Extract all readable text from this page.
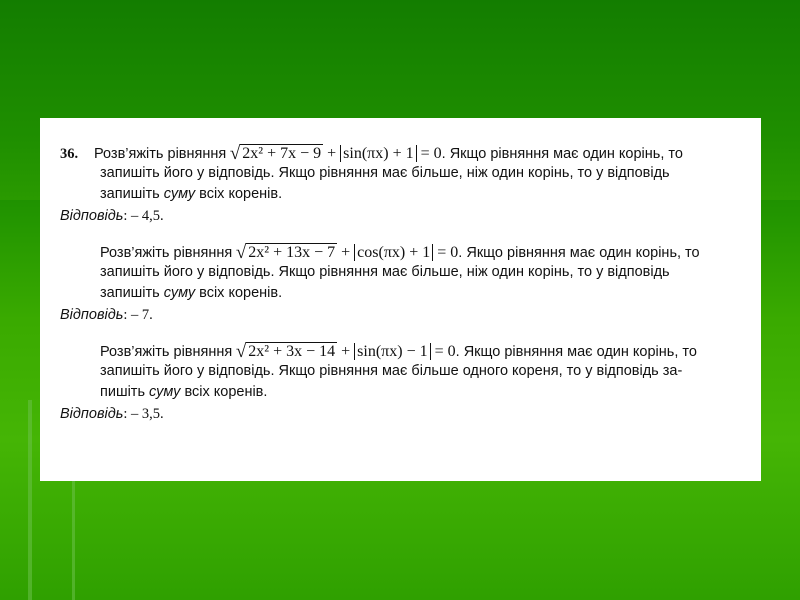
36. Розв’яжіть рівняння √ 2x² + 7x − 9 + sin(πx) + 1 = 0. Якщо рівняння має один корінь, то
запишіть його у відповідь. Якщо рівняння має більше, ніж один корінь, то у відповідь
запишіть суму всіх коренів.
Відповідь: – 4,5.
Розв’яжіть рівняння √ 2x² + 13x − 7 + cos(πx) + 1 = 0. Якщо рівняння має один корінь, то
запишіть його у відповідь. Якщо рівняння має більше, ніж один корінь, то у відповідь
запишіть суму всіх коренів.
Відповідь: – 7.
Розв’яжіть рівняння √ 2x² + 3x − 14 + sin(πx) − 1 = 0. Якщо рівняння має один корінь, то
запишіть його у відповідь. Якщо рівняння має більше одного кореня, то у відповідь за-
пишіть суму всіх коренів.
Відповідь: – 3,5.
